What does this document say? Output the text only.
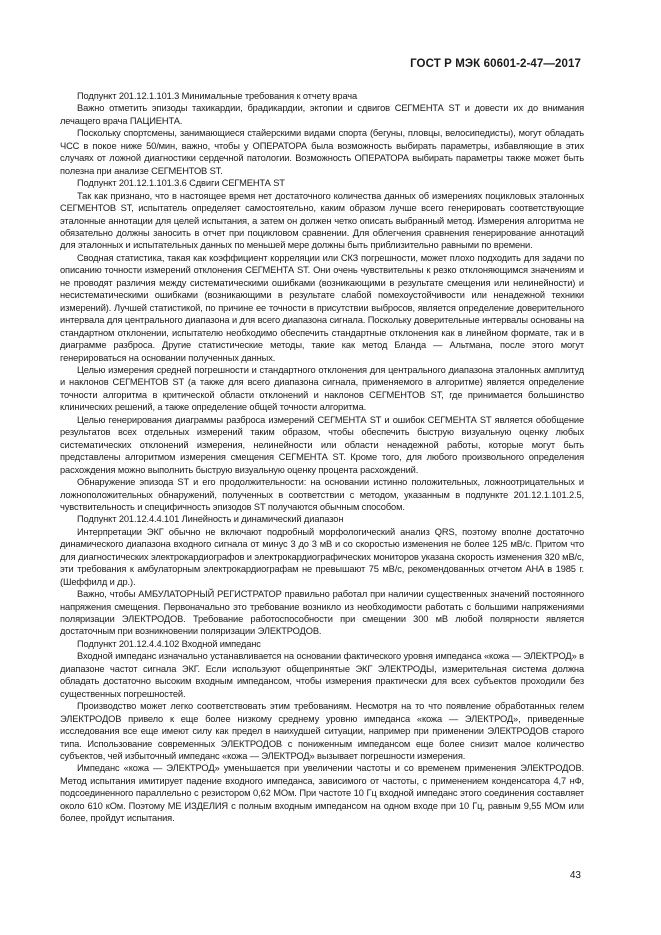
ГОСТ Р МЭК 60601-2-47—2017

Подпункт 201.12.1.101.3 Минимальные требования к отчету врача

Важно отметить эпизоды тахикардии, брадикардии, эктопии и сдвигов СЕГМЕНТА ST и довести их до внимания лечащего врача ПАЦИЕНТА.

Поскольку спортсмены, занимающиеся стайерскими видами спорта (бегуны, пловцы, велосипедисты), могут обладать ЧСС в покое ниже 50/мин, важно, чтобы у ОПЕРАТОРА была возможность выбирать параметры, избавляющие в этих случаях от ложной диагностики сердечной патологии. Возможность ОПЕРАТОРА выбирать параметры также может быть полезна при анализе СЕГМЕНТОВ ST.

Подпункт 201.12.1.101.3.6 Сдвиги СЕГМЕНТА ST

Так как признано, что в настоящее время нет достаточного количества данных об измерениях поцикловых эталонных СЕГМЕНТОВ ST, испытатель определяет самостоятельно, каким образом лучше всего генерировать соответствующие эталонные аннотации для целей испытания, а затем он должен четко описать выбранный метод. Измерения алгоритма не обязательно должны заносить в отчет при поцикловом сравнении. Для облегчения сравнения генерирование аннотаций для эталонных и испытательных данных по меньшей мере должны быть приблизительно равными по времени.

Сводная статистика, такая как коэффициент корреляции или СКЗ погрешности, может плохо подходить для задачи по описанию точности измерений отклонения СЕГМЕНТА ST. Они очень чувствительны к резко отклоняющимся значениям и не проводят различия между систематическими ошибками (возникающими в результате смещения или нелинейности) и несистематическими ошибками (возникающими в результате слабой помехоустойчивости или ненадежной техники измерений). Лучшей статистикой, по причине ее точности в присутствии выбросов, является определение доверительного интервала для центрального диапазона и для всего диапазона сигнала. Поскольку доверительные интервалы основаны на стандартном отклонении, испытателю необходимо обеспечить стандартные отклонения как в линейном формате, так и в диаграмме разброса. Другие статистические методы, такие как метод Бланда — Альтмана, после этого могут генерироваться на основании полученных данных.

Целью измерения средней погрешности и стандартного отклонения для центрального диапазона эталонных амплитуд и наклонов СЕГМЕНТОВ ST (а также для всего диапазона сигнала, применяемого в алгоритме) является определение точности алгоритма в критической области отклонений и наклонов СЕГМЕНТОВ ST, где принимается большинство клинических решений, а также определение общей точности алгоритма.

Целью генерирования диаграммы разброса измерений СЕГМЕНТА ST и ошибок СЕГМЕНТА ST является обобщение результатов всех отдельных измерений таким образом, чтобы обеспечить быструю визуальную оценку любых систематических отклонений измерения, нелинейности или области ненадежной работы, которые могут быть представлены алгоритмом измерения смещения СЕГМЕНТА ST. Кроме того, для любого произвольного определения расхождения можно выполнить быструю визуальную оценку процента расхождений.

Обнаружение эпизода ST и его продолжительности: на основании истинно положительных, ложноотрицательных и ложноположительных обнаружений, полученных в соответствии с методом, указанным в подпункте 201.12.1.101.2.5, чувствительность и специфичность эпизодов ST получаются обычным способом.

Подпункт 201.12.4.4.101 Линейность и динамический диапазон

Интерпретации ЭКГ обычно не включают подробный морфологический анализ QRS, поэтому вполне достаточно динамического диапазона входного сигнала от минус 3 до 3 мВ и со скоростью изменения не более 125 мВ/с. Притом что для диагностических электрокардиографов и электрокардиографических мониторов указана скорость изменения 320 мВ/с, эти требования к амбулаторным электрокардиографам не превышают 75 мВ/с, рекомендованных отчетом AHA в 1985 г. (Шеффилд и др.).

Важно, чтобы АМБУЛАТОРНЫЙ РЕГИСТРАТОР правильно работал при наличии существенных значений постоянного напряжения смещения. Первоначально это требование возникло из необходимости работать с большими напряжениями поляризации ЭЛЕКТРОДОВ. Требование работоспособности при смещении 300 мВ любой полярности является достаточным при возникновении поляризации ЭЛЕКТРОДОВ.

Подпункт 201.12.4.4.102 Входной импеданс

Входной импеданс изначально устанавливается на основании фактического уровня импеданса «кожа — ЭЛЕКТРОД» в диапазоне частот сигнала ЭКГ. Если используют общепринятые ЭКГ ЭЛЕКТРОДЫ, измерительная система должна обладать достаточно высоким входным импедансом, чтобы измерения практически для всех субъектов проходили без существенных погрешностей.

Производство может легко соответствовать этим требованиям. Несмотря на то что появление обработанных гелем ЭЛЕКТРОДОВ привело к еще более низкому среднему уровню импеданса «кожа — ЭЛЕКТРОД», приведенные исследования все еще имеют силу как предел в наихудшей ситуации, например при применении ЭЛЕКТРОДОВ старого типа. Использование современных ЭЛЕКТРОДОВ с пониженным импедансом еще более снизит малое количество субъектов, чей избыточный импеданс «кожа — ЭЛЕКТРОД» вызывает погрешности измерения.

Импеданс «кожа — ЭЛЕКТРОД» уменьшается при увеличении частоты и со временем применения ЭЛЕКТРОДОВ. Метод испытания имитирует падение входного импеданса, зависимого от частоты, с применением конденсатора 4,7 нФ, подсоединенного параллельно с резистором 0,62 МОм. При частоте 10 Гц входной импеданс этого соединения составляет около 610 кОм. Поэтому МЕ ИЗДЕЛИЯ с полным входным импедансом на одном входе при 10 Гц, равным 9,55 МОм или более, пройдут испытания.

43
